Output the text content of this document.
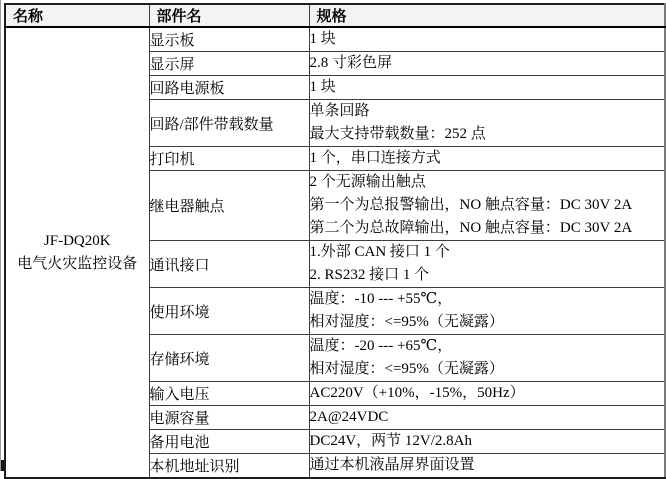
名称	部件名	规格

JF-DQ20K
电气火灾监控设备	显示板	1 块

	显示屏	2.8 寸彩色屏

	回路电源板	1 块

	回路/部件带载数量	单条回路
最大支持带载数量：252 点

	打印机	1 个，串口连接方式

	继电器触点	2 个无源输出触点
第一个为总报警输出，NO 触点容量：DC 30V 2A
第二个为总故障输出，NO 触点容量：DC 30V 2A

	通讯接口	1.外部 CAN 接口 1 个
2. RS232 接口 1 个

	使用环境	温度：-10 --- +55℃，
相对湿度：<=95%（无凝露）

	存储环境	温度：-20 --- +65℃，
相对湿度：<=95%（无凝露）

	输入电压	AC220V（+10%，-15%，50Hz）

	电源容量	2A@24VDC

	备用电池	DC24V，两节 12V/2.8Ah

	本机地址识别	通过本机液晶屏界面设置
